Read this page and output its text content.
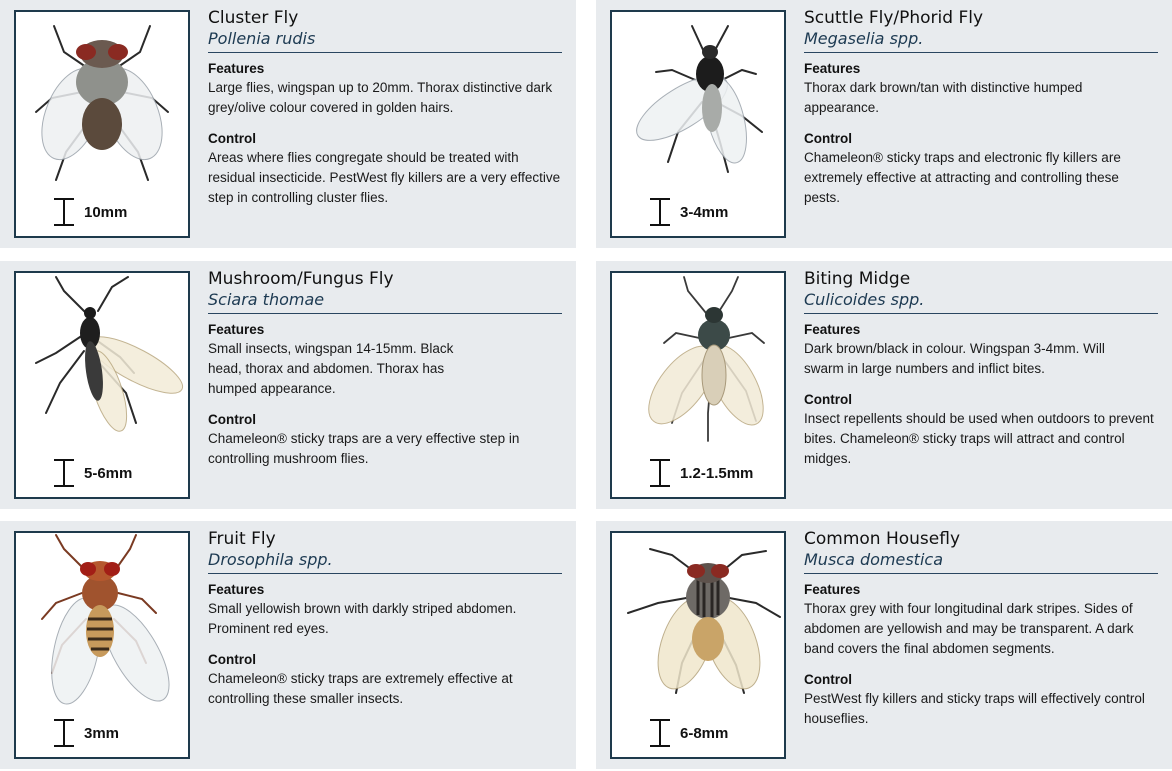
10mm
Cluster Fly
Pollenia rudis
Features

Large flies, wingspan up to 20mm. Thorax distinctive dark grey/olive colour covered in golden hairs.

Control

Areas where flies congregate should be treated with residual insecticide. PestWest fly killers are a very effective step in controlling cluster flies.

3-4mm
Scuttle Fly/Phorid Fly
Megaselia spp.
Features

Thorax dark brown/tan with distinctive humped appearance.

Control

Chameleon® sticky traps and electronic fly killers are extremely effective at attracting and controlling these pests.

5-6mm
Mushroom/Fungus Fly
Sciara thomae
Features

Small insects, wingspan 14-15mm. Black head, thorax and abdomen. Thorax has humped appearance.

Control

Chameleon® sticky traps are a very effective step in controlling mushroom flies.

1.2-1.5mm
Biting Midge
Culicoides spp.
Features

Dark brown/black in colour. Wingspan 3-4mm. Will swarm in large numbers and inflict bites.

Control

Insect repellents should be used when outdoors to prevent bites. Chameleon® sticky traps will attract and control midges.

3mm
Fruit Fly
Drosophila spp.
Features

Small yellowish brown with darkly striped abdomen. Prominent red eyes.

Control

Chameleon® sticky traps are extremely effective at controlling these smaller insects.

6-8mm
Common Housefly
Musca domestica
Features

Thorax grey with four longitudinal dark stripes. Sides of abdomen are yellowish and may be transparent. A dark band covers the final abdomen segments.

Control

PestWest fly killers and sticky traps will effectively control houseflies.
